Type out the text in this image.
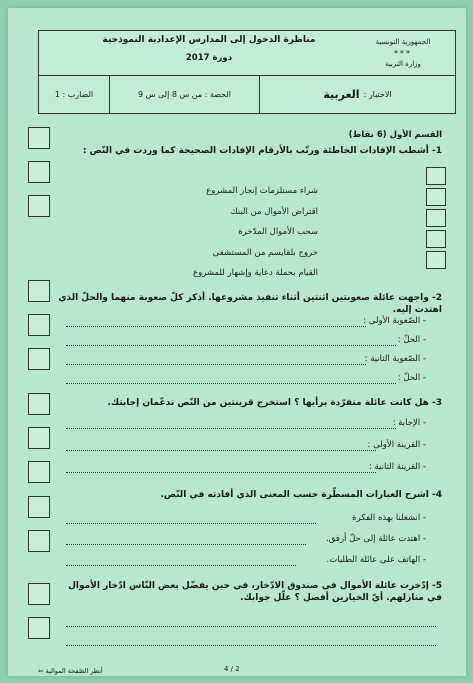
مناظرة الدخول إلى المدارس الإعدادية النموذجية
دورة 2017
الجمهورية التونسية
***
وزارة التربية
الضارب : 1	الحصة : من س 8 إلى س 9	الاختبار :
العربية
القسم الأول (6 نقاط)
1- أشطب الإفادات الخاطئة ورتّب بالأرقام الإفادات الصحيحة كما وردت في النّص :
شراء مستلزمات إنجاز المشروع
اقتراض الأموال من البنك
سحب الأموال المدّخرة
خروج بلقايسم من المستشفى
القيام بحملة دعاية وإشهار للمشروع
2- واجهت عائلة صعوبتين اثنتين أثناء تنفيذ مشروعها. أذكر كلّ صعوبة منهما والحلّ الذي اهتدت إليه.
- الصّعوبة الأولى :
- الحلّ :
- الصّعوبة الثانية :
- الحلّ :
3- هل كانت عائلة متفرّدة برأيها ؟ استخرج قرينتين من النّص تدعّمان إجابتك.
- الإجابة :
- القرينة الأولى :
- القرينة الثانية :
4- اشرح العبارات المسطّرة حسب المعنى الذي أفادته في النّص.
- انشغلنا بهذه الفكرة
- اهتدت عائلة إلى حلّ أرفق.
- الهاتف على عائلة الطلبات.
5- إدّخرت عائلة الأموال في صندوق الادّخار، في حين يفضّل بعض النّاس ادّخار الأموال في منازلهم. أيّ الخيارين أفضل ؟ علّل جوابك.
4 / 2
أنظر الصّفحة الموالية ⇐
